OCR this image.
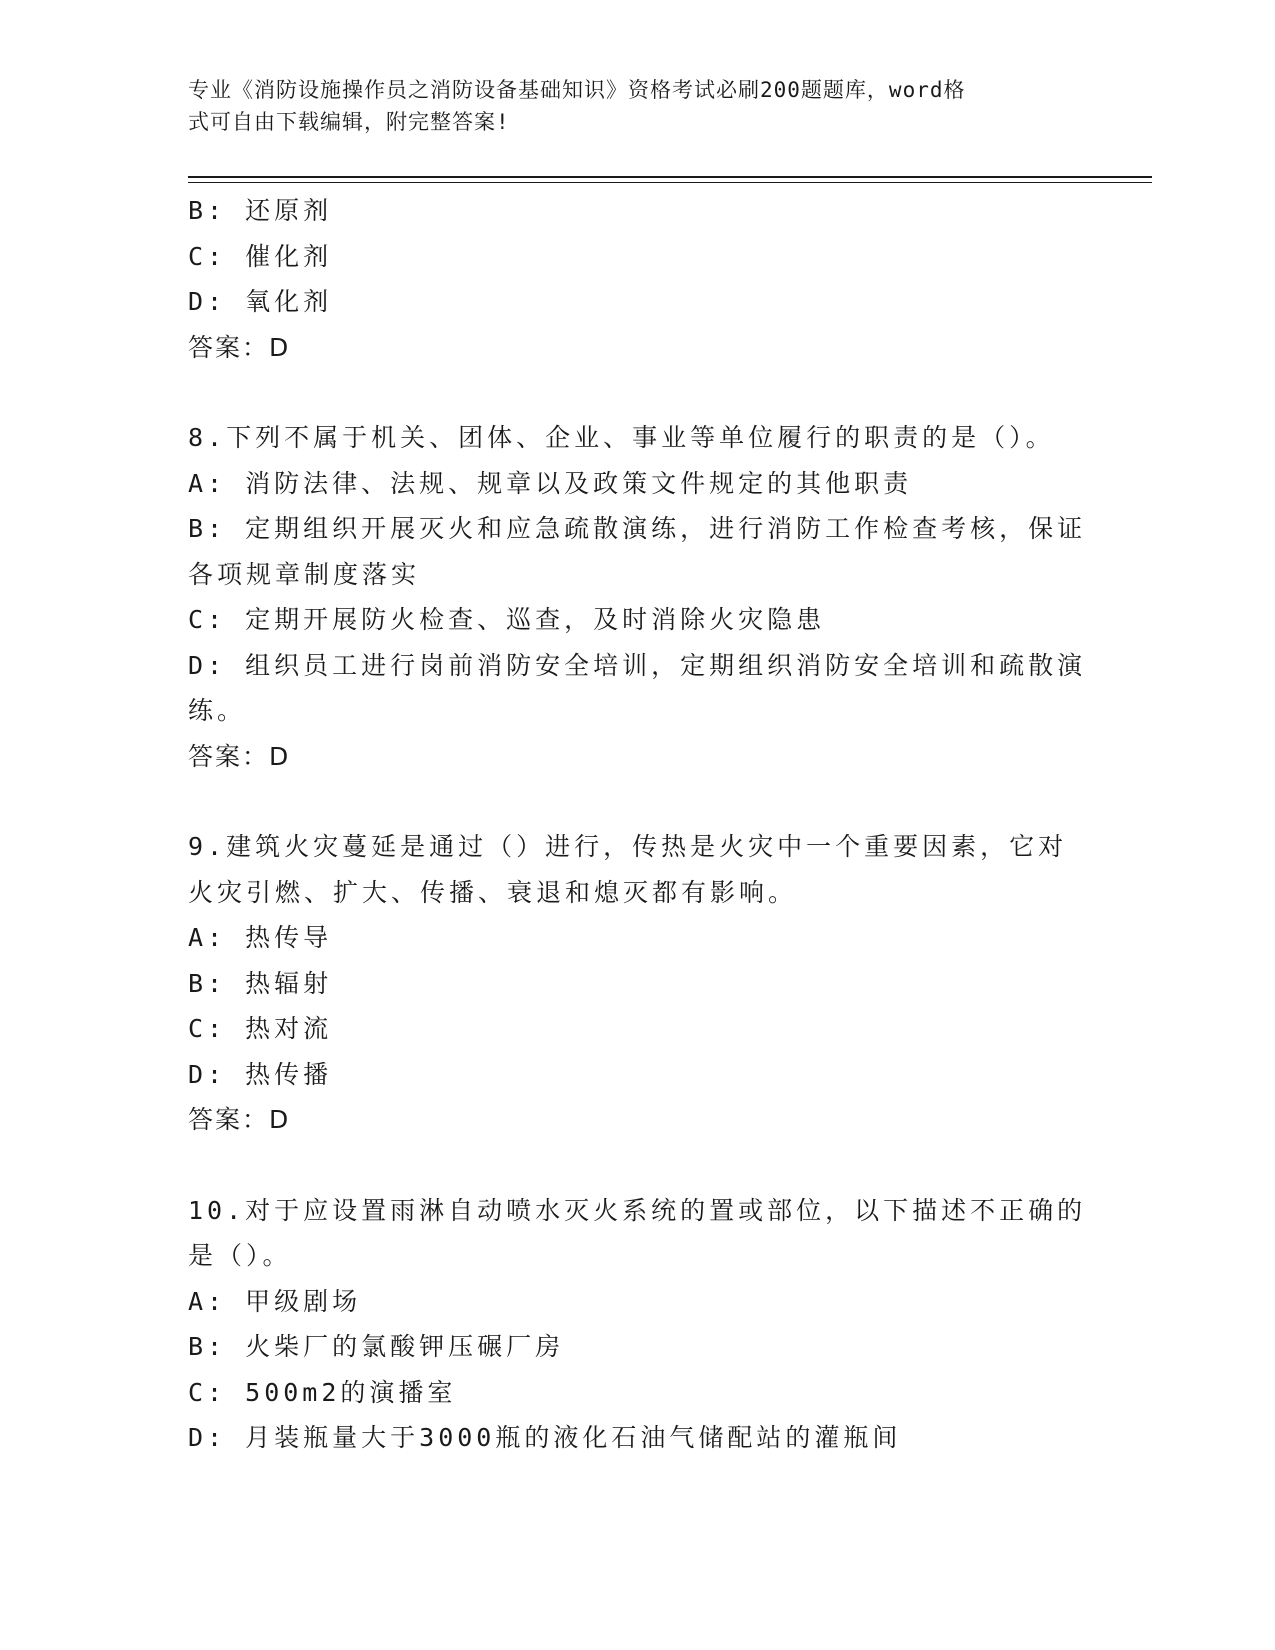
专业《消防设施操作员之消防设备基础知识》资格考试必刷200题题库，word格
式可自由下载编辑，附完整答案!
B: 还原剂
C: 催化剂
D: 氧化剂
答案：D
8.下列不属于机关、团体、企业、事业等单位履行的职责的是（）。
A: 消防法律、法规、规章以及政策文件规定的其他职责
B: 定期组织开展灭火和应急疏散演练，进行消防工作检查考核，保证
各项规章制度落实
C: 定期开展防火检查、巡查，及时消除火灾隐患
D: 组织员工进行岗前消防安全培训，定期组织消防安全培训和疏散演
练。
答案：D
9.建筑火灾蔓延是通过（）进行，传热是火灾中一个重要因素，它对
火灾引燃、扩大、传播、衰退和熄灭都有影响。
A: 热传导
B: 热辐射
C: 热对流
D: 热传播
答案：D
10.对于应设置雨淋自动喷水灭火系统的置或部位，以下描述不正确的
是（）。
A: 甲级剧场
B: 火柴厂的氯酸钾压碾厂房
C: 500m2的演播室
D: 月装瓶量大于3000瓶的液化石油气储配站的灌瓶间
